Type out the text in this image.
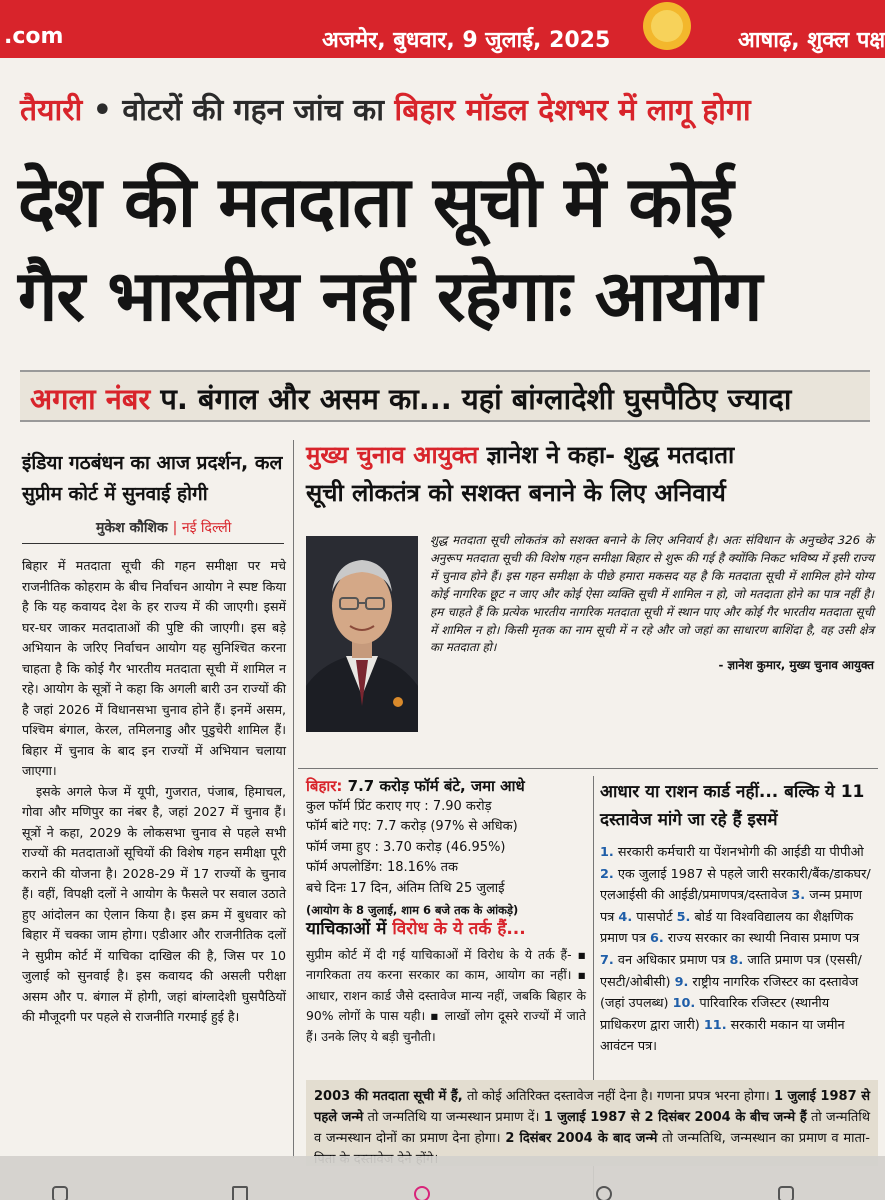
.com	अजमेर, बुधवार, 9 जुलाई, 2025	आषाढ़, शुक्ल पक्ष
तैयारी • वोटरों की गहन जांच का बिहार मॉडल देशभर में लागू होगा
देश की मतदाता सूची में कोई
गैर भारतीय नहीं रहेगाः आयोग
अगला नंबर प. बंगाल और असम का... यहां बांग्लादेशी घुसपैठिए ज्यादा
इंडिया गठबंधन का आज प्रदर्शन, कल सुप्रीम कोर्ट में सुनवाई होगी
मुकेश कौशिक | नई दिल्ली

बिहार में मतदाता सूची की गहन समीक्षा पर मचे राजनीतिक कोहराम के बीच निर्वाचन आयोग ने स्पष्ट किया है कि यह कवायद देश के हर राज्य में की जाएगी। इसमें घर-घर जाकर मतदाताओं की पुष्टि की जाएगी। इस बड़े अभियान के जरिए निर्वाचन आयोग यह सुनिश्चित करना चाहता है कि कोई गैर भारतीय मतदाता सूची में शामिल न रहे। आयोग के सूत्रों ने कहा कि अगली बारी उन राज्यों की है जहां 2026 में विधानसभा चुनाव होने हैं। इनमें असम, पश्चिम बंगाल, केरल, तमिलनाडु और पुडुचेरी शामिल हैं। बिहार में चुनाव के बाद इन राज्यों में अभियान चलाया जाएगा।

इसके अगले फेज में यूपी, गुजरात, पंजाब, हिमाचल, गोवा और मणिपुर का नंबर है, जहां 2027 में चुनाव हैं। सूत्रों ने कहा, 2029 के लोकसभा चुनाव से पहले सभी राज्यों की मतदाताओं सूचियों की विशेष गहन समीक्षा पूरी कराने की योजना है। 2028-29 में 17 राज्यों के चुनाव हैं। वहीं, विपक्षी दलों ने आयोग के फैसले पर सवाल उठाते हुए आंदोलन का ऐलान किया है। इस क्रम में बुधवार को बिहार में चक्का जाम होगा। एडीआर और राजनीतिक दलों ने सुप्रीम कोर्ट में याचिका दाखिल की है, जिस पर 10 जुलाई को सुनवाई है। इस कवायद की असली परीक्षा असम और प. बंगाल में होगी, जहां बांग्लादेशी घुसपैठियों की मौजूदगी पर पहले से राजनीति गरमाई हुई है।

मुख्य चुनाव आयुक्त ज्ञानेश ने कहा- शुद्ध मतदाता
सूची लोकतंत्र को सशक्त बनाने के लिए अनिवार्य
शुद्ध मतदाता सूची लोकतंत्र को सशक्त बनाने के लिए अनिवार्य है। अतः संविधान के अनुच्छेद 326 के अनुरूप मतदाता सूची की विशेष गहन समीक्षा बिहार से शुरू की गई है क्योंकि निकट भविष्य में इसी राज्य में चुनाव होने हैं। इस गहन समीक्षा के पीछे हमारा मकसद यह है कि मतदाता सूची में शामिल होने योग्य कोई नागरिक छूट न जाए और कोई ऐसा व्यक्ति सूची में शामिल न हो, जो मतदाता होने का पात्र नहीं है। हम चाहते हैं कि प्रत्येक भारतीय नागरिक मतदाता सूची में स्थान पाए और कोई गैर भारतीय मतदाता सूची में शामिल न हो। किसी मृतक का नाम सूची में न रहे और जो जहां का साधारण बाशिंदा है, वह उसी क्षेत्र का मतदाता हो।
- ज्ञानेश कुमार, मुख्य चुनाव आयुक्त
बिहार: 7.7 करोड़ फॉर्म बंटे, जमा आधे
कुल फॉर्म प्रिंट कराए गए : 7.90 करोड़
फॉर्म बांटे गए: 7.7 करोड़ (97% से अधिक)
फॉर्म जमा हुए : 3.70 करोड़ (46.95%)
फॉर्म अपलोडिंग: 18.16% तक
बचे दिनः 17 दिन, अंतिम तिथि 25 जुलाई
(आयोग के 8 जुलाई, शाम 6 बजे तक के आंकड़े)
याचिकाओं में विरोध के ये तर्क हैं...
सुप्रीम कोर्ट में दी गई याचिकाओं में विरोध के ये तर्क हैं- ▪ नागरिकता तय करना सरकार का काम, आयोग का नहीं। ▪ आधार, राशन कार्ड जैसे दस्तावेज मान्य नहीं, जबकि बिहार के 90% लोगों के पास यही। ▪ लाखों लोग दूसरे राज्यों में जाते हैं। उनके लिए ये बड़ी चुनौती।
आधार या राशन कार्ड नहीं... बल्कि ये 11 दस्तावेज मांगे जा रहे हैं इसमें
1. सरकारी कर्मचारी या पेंशनभोगी की आईडी या पीपीओ 2. एक जुलाई 1987 से पहले जारी सरकारी/बैंक/डाकघर/एलआईसी की आईडी/प्रमाणपत्र/दस्तावेज 3. जन्म प्रमाण पत्र 4. पासपोर्ट 5. बोर्ड या विश्वविद्यालय का शैक्षणिक प्रमाण पत्र 6. राज्य सरकार का स्थायी निवास प्रमाण पत्र 7. वन अधिकार प्रमाण पत्र 8. जाति प्रमाण पत्र (एससी/एसटी/ओबीसी) 9. राष्ट्रीय नागरिक रजिस्टर का दस्तावेज (जहां उपलब्ध) 10. पारिवारिक रजिस्टर (स्थानीय प्राधिकरण द्वारा जारी) 11. सरकारी मकान या जमीन आवंटन पत्र।
2003 की मतदाता सूची में हैं, तो कोई अतिरिक्त दस्तावेज नहीं देना है। गणना प्रपत्र भरना होगा। 1 जुलाई 1987 से पहले जन्मे तो जन्मतिथि या जन्मस्थान प्रमाण दें। 1 जुलाई 1987 से 2 दिसंबर 2004 के बीच जन्मे हैं तो जन्मतिथि व जन्मस्थान दोनों का प्रमाण देना होगा। 2 दिसंबर 2004 के बाद जन्मे तो जन्मतिथि, जन्मस्थान का प्रमाण व माता-
